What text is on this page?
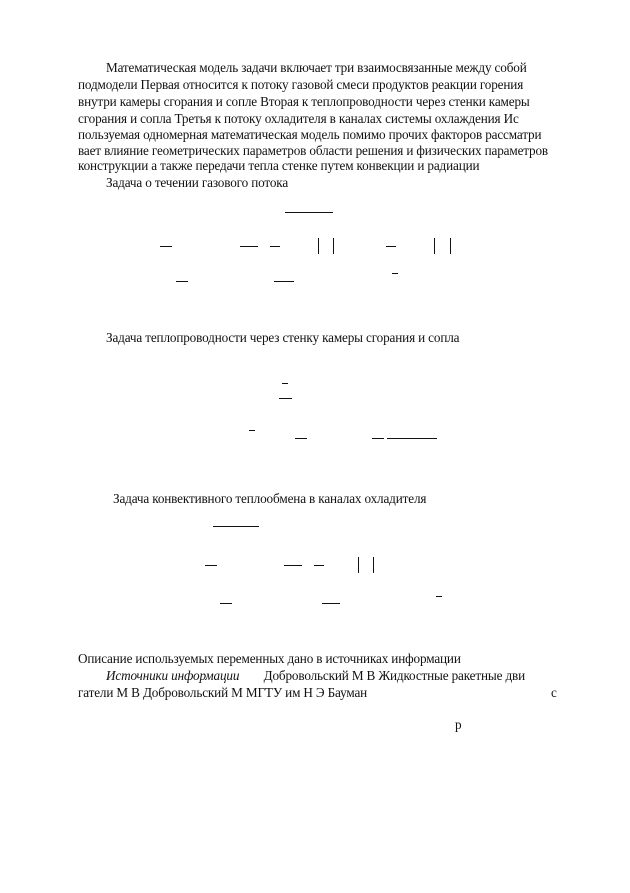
Математическая модель задачи включает три взаимосвязанные между собой
подмодели Первая относится к потоку газовой смеси продуктов реакции горения
внутри камеры сгорания и сопле Вторая к теплопроводности через стенки камеры
сгорания и сопла Третья к потоку охладителя в каналах системы охлаждения Ис
пользуемая одномерная математическая модель помимо прочих факторов рассматри
вает влияние геометрических параметров области решения и физических параметров
конструкции а также передачи тепла стенке путем конвекции и радиации
Задача о течении газового потока
Задача теплопроводности через стенку камеры сгорания и сопла
Задача конвективного теплообмена в каналах охладителя
Описание используемых переменных дано в источниках информации
Источники информации Добровольский М В Жидкостные ракетные дви
гатели М В Добровольский М МГТУ им Н Э Бауман	с
р
